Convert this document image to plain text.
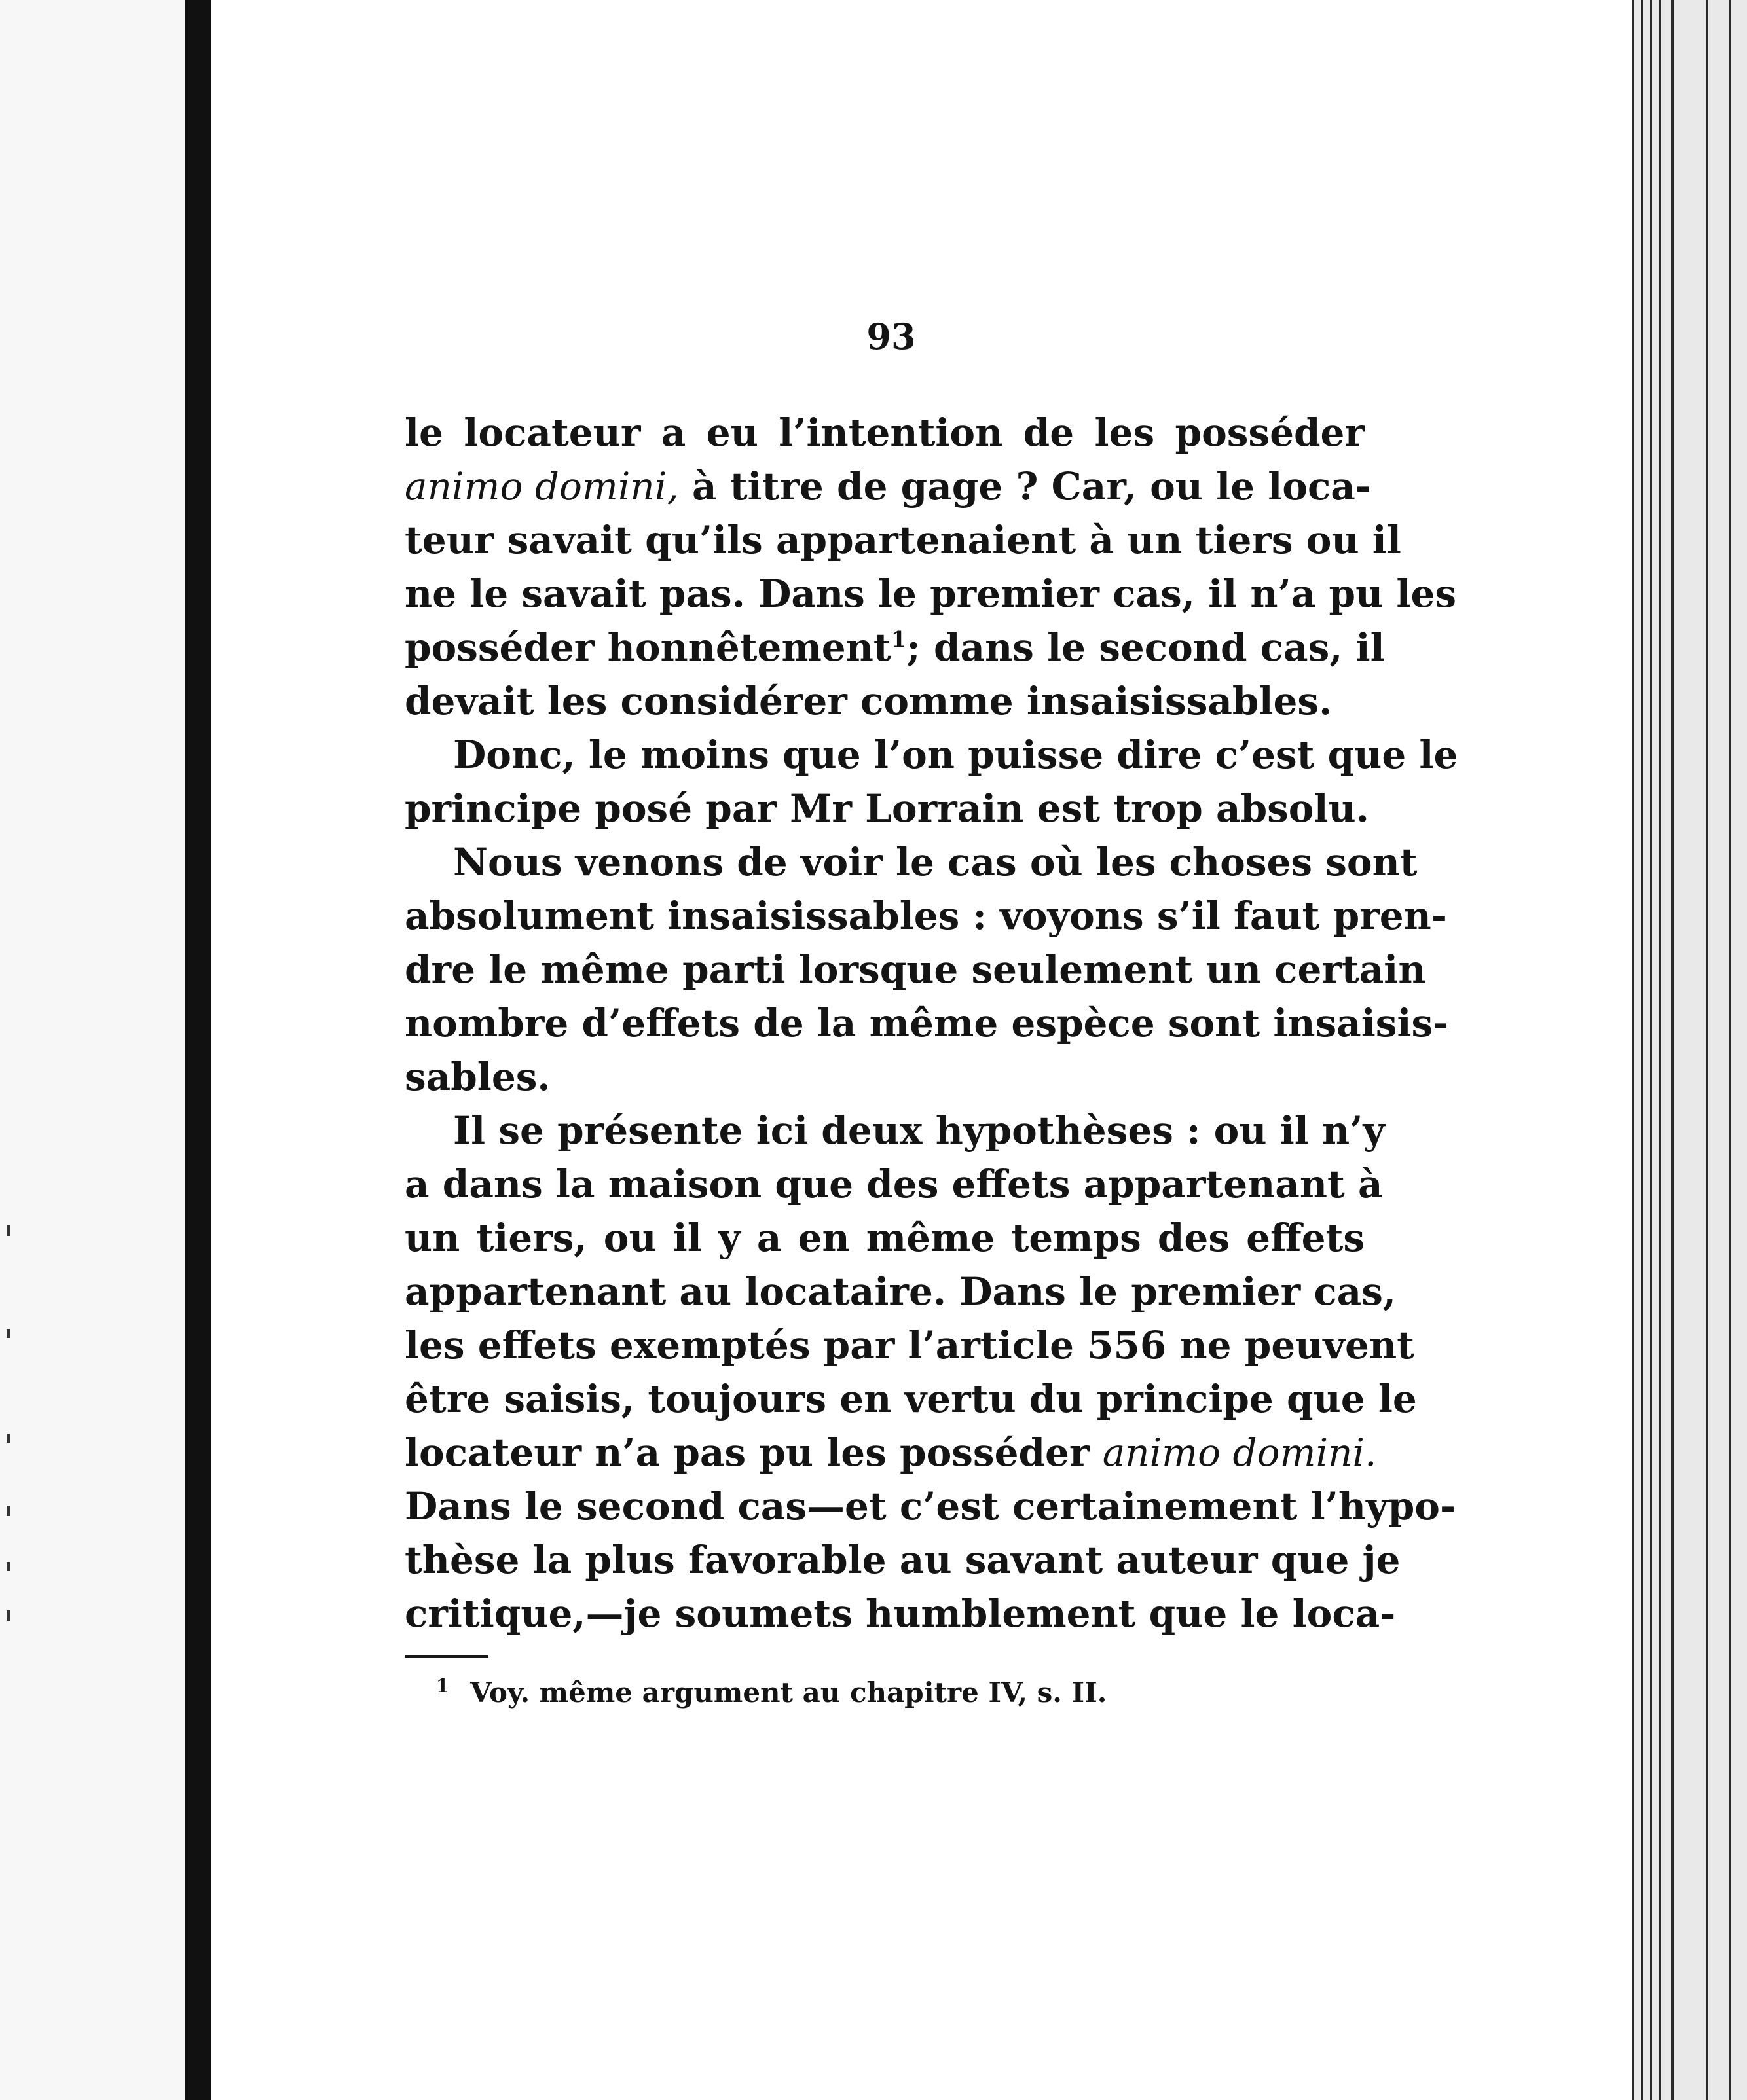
93
le locateur a eu l’intention de les posséder
animo domini, à titre de gage ? Car, ou le loca-
teur savait qu’ils appartenaient à un tiers ou il
ne le savait pas. Dans le premier cas, il n’a pu les
posséder honnêtement$^1$; dans le second cas, il
devait les considérer comme insaisissables.
Donc, le moins que l’on puisse dire c’est que le
principe posé par Mr Lorrain est trop absolu.
Nous venons de voir le cas où les choses sont
absolument insaisissables : voyons s’il faut pren-
dre le même parti lorsque seulement un certain
nombre d’effets de la même espèce sont insaisis-
sables.
Il se présente ici deux hypothèses : ou il n’y
a dans la maison que des effets appartenant à
un tiers, ou il y a en même temps des effets
appartenant au locataire. Dans le premier cas,
les effets exemptés par l’article 556 ne peuvent
être saisis, toujours en vertu du principe que le
locateur n’a pas pu les posséder animo domini.
Dans le second cas—et c’est certainement l’hypo-
thèse la plus favorable au savant auteur que je
critique,—je soumets humblement que le loca-
$^1$ Voy. même argument au chapitre IV, s. II.
